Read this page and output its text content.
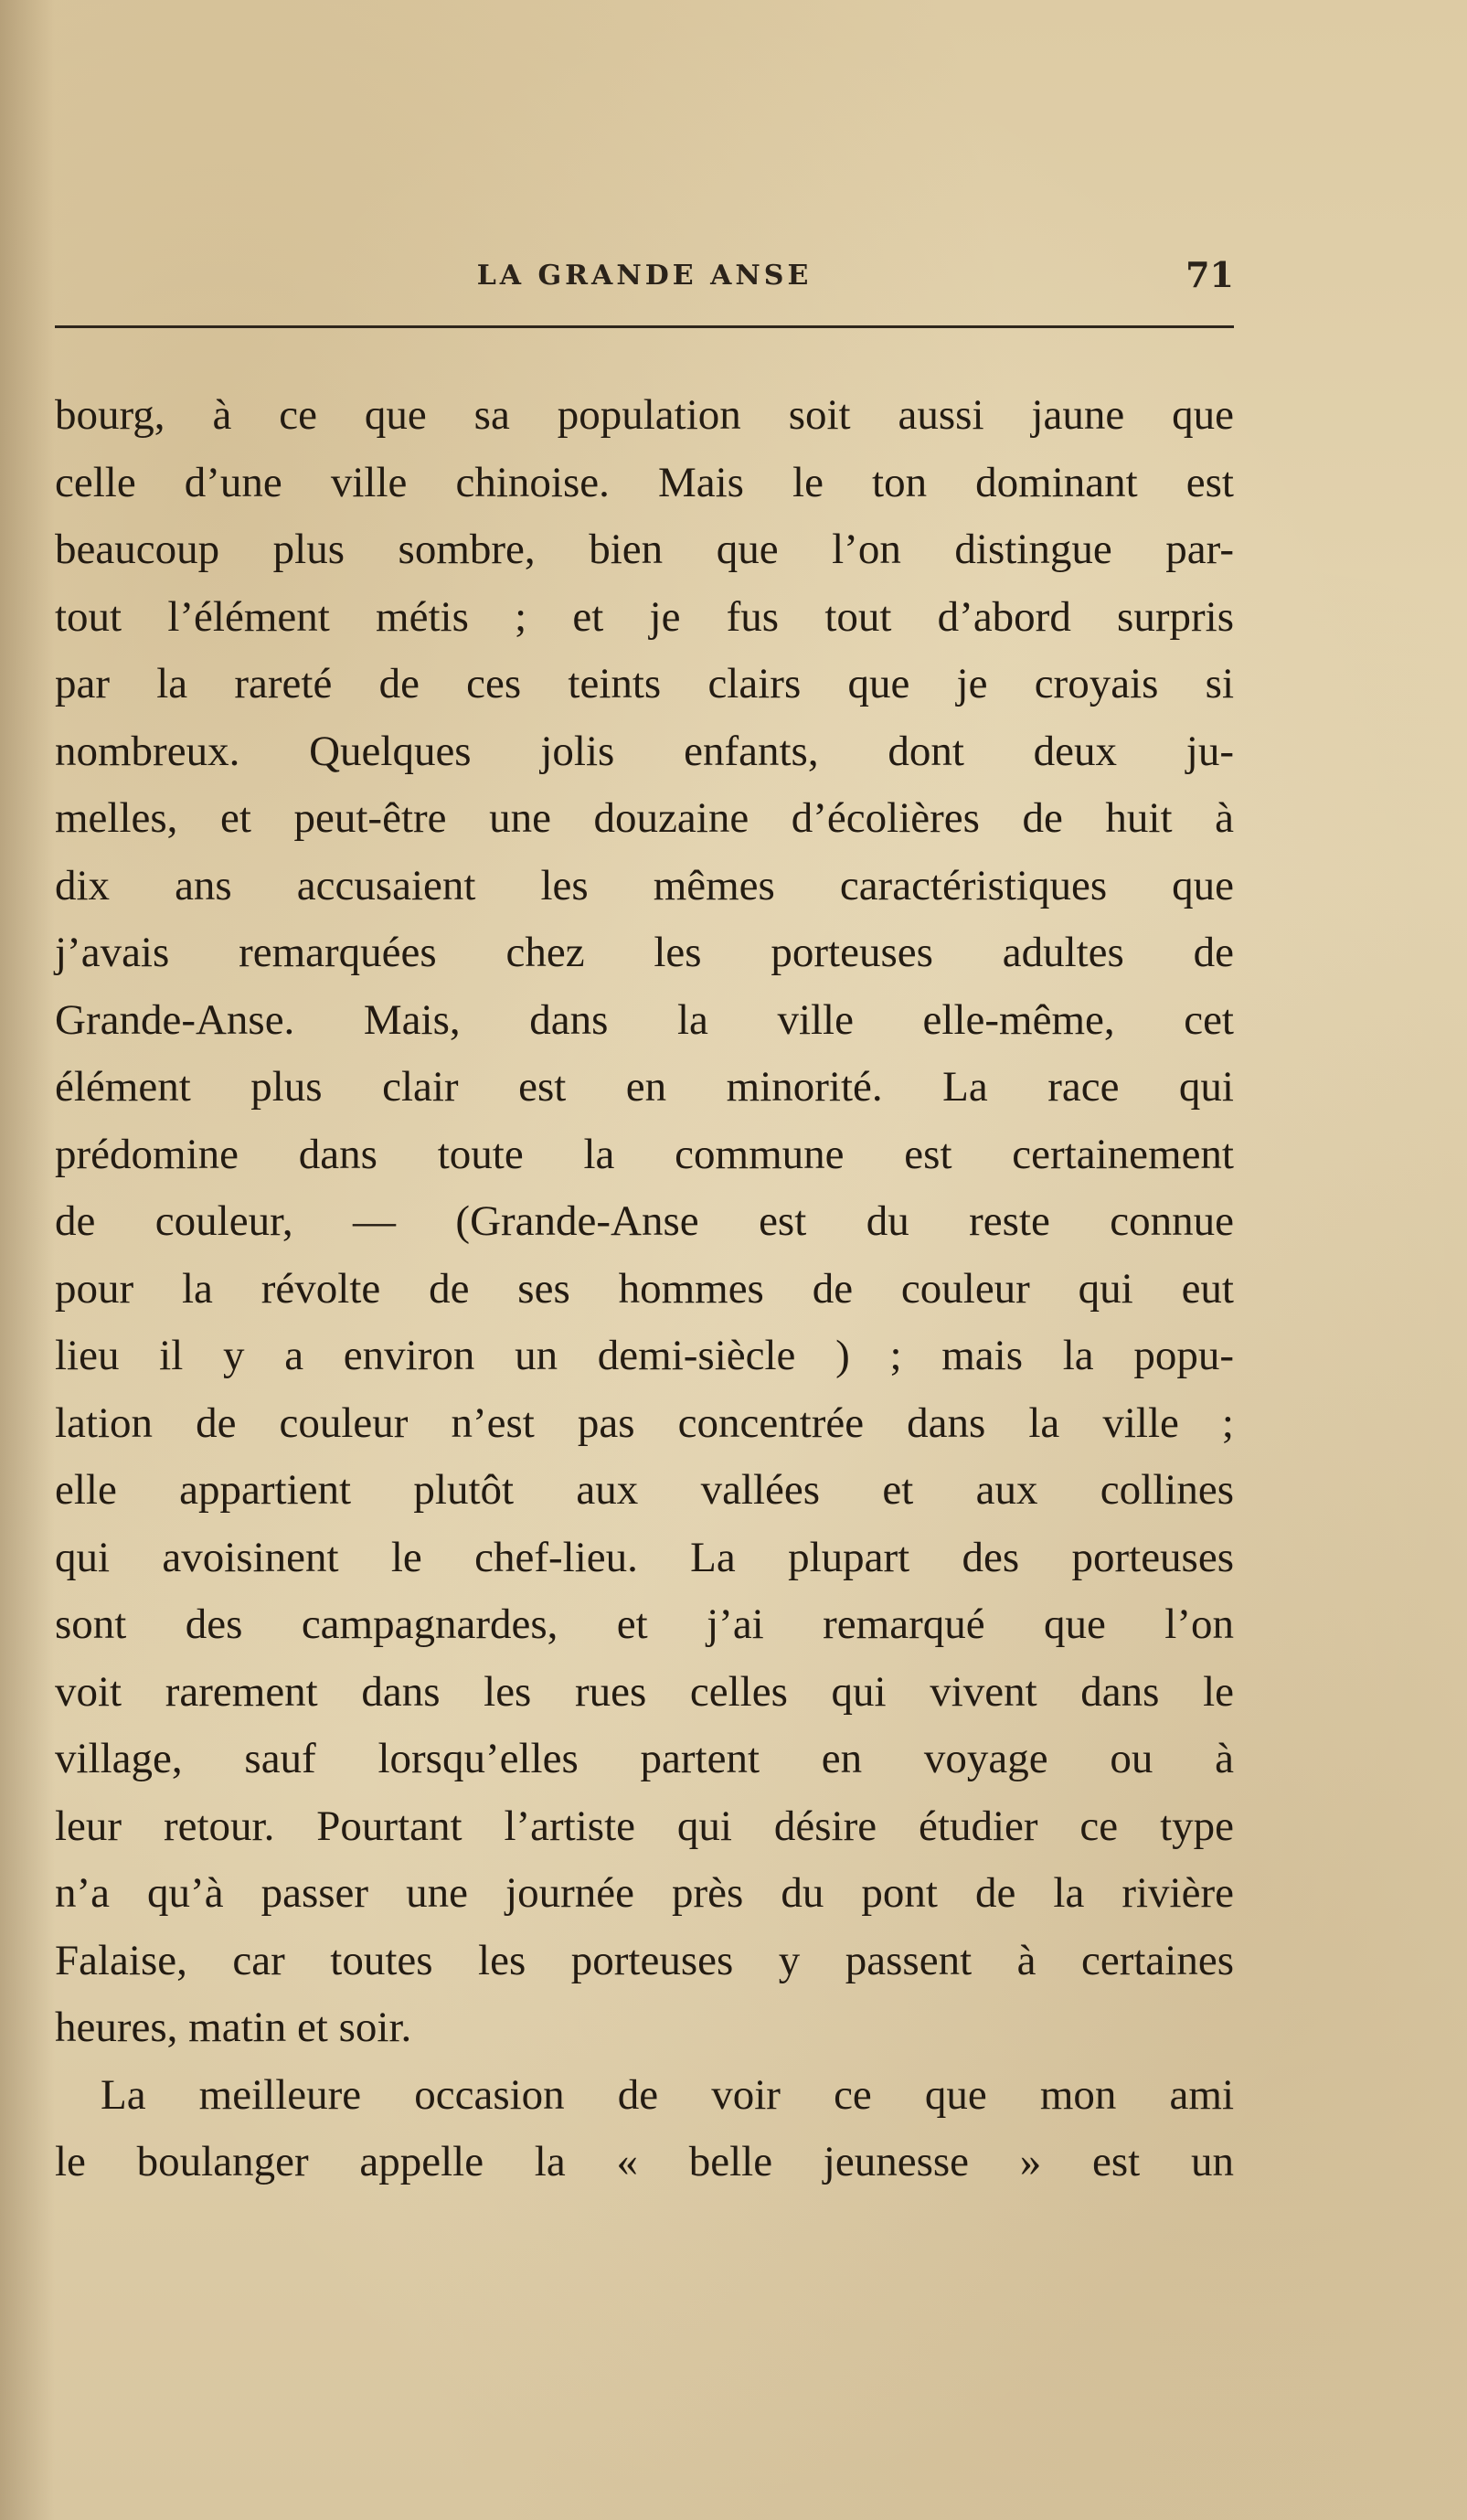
LA GRANDE ANSE	71
bourg, à ce que sa population soit aussi jaune que
celle d’une ville chinoise. Mais le ton dominant est
beaucoup plus sombre, bien que l’on distingue par-
tout l’élément métis ; et je fus tout d’abord surpris
par la rareté de ces teints clairs que je croyais si
nombreux. Quelques jolis enfants, dont deux ju-
melles, et peut-être une douzaine d’écolières de huit à
dix ans accusaient les mêmes caractéristiques que
j’avais remarquées chez les porteuses adultes de
Grande-Anse. Mais, dans la ville elle-même, cet
élément plus clair est en minorité. La race qui
prédomine dans toute la commune est certainement
de couleur, — (Grande-Anse est du reste connue
pour la révolte de ses hommes de couleur qui eut
lieu il y a environ un demi-siècle ) ; mais la popu-
lation de couleur n’est pas concentrée dans la ville ;
elle appartient plutôt aux vallées et aux collines
qui avoisinent le chef-lieu. La plupart des porteuses
sont des campagnardes, et j’ai remarqué que l’on
voit rarement dans les rues celles qui vivent dans le
village, sauf lorsqu’elles partent en voyage ou à
leur retour. Pourtant l’artiste qui désire étudier ce type
n’a qu’à passer une journée près du pont de la rivière
Falaise, car toutes les porteuses y passent à certaines
heures, matin et soir.
La meilleure occasion de voir ce que mon ami
le boulanger appelle la « belle jeunesse » est un
